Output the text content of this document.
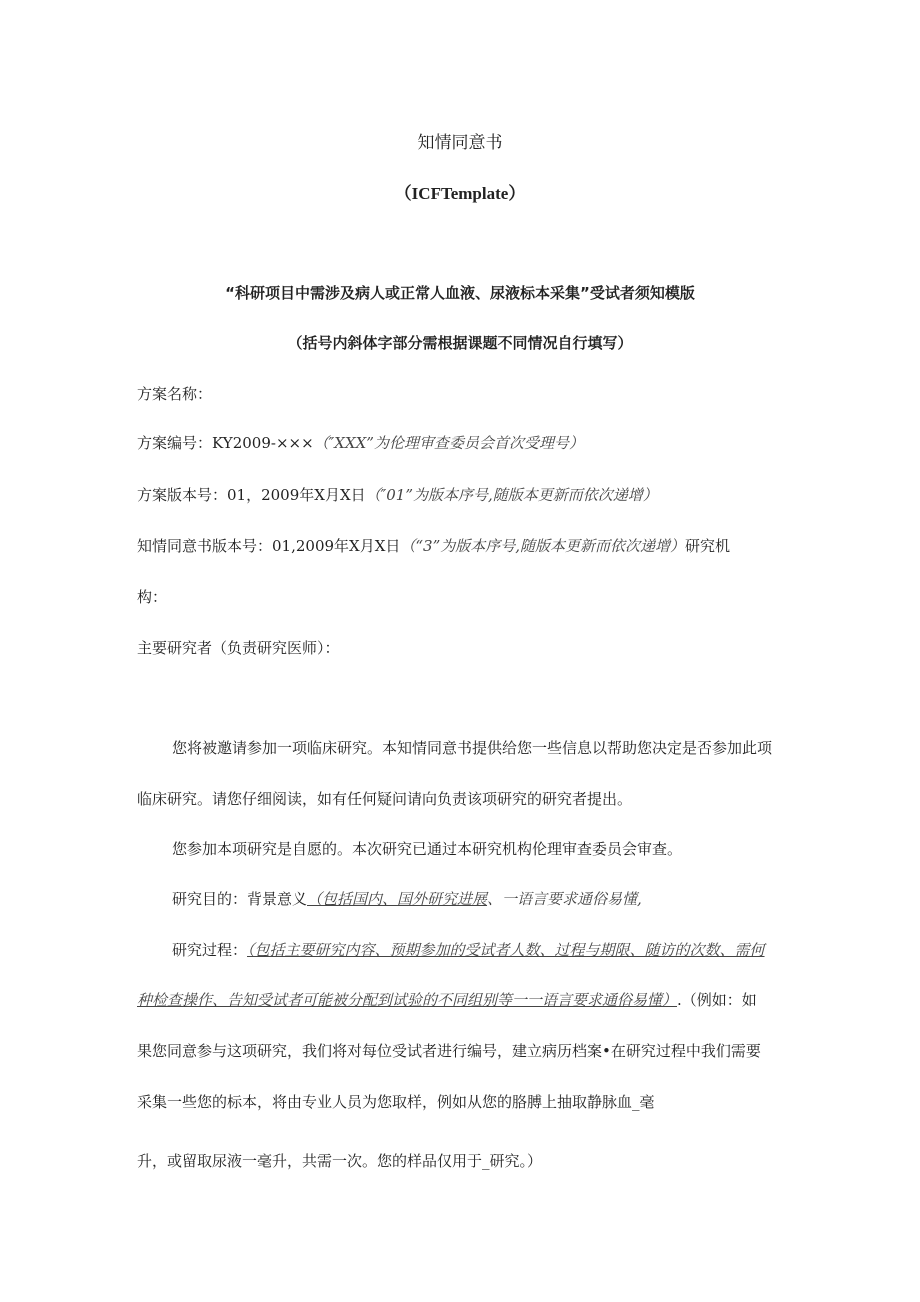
知情同意书
（ICFTemplate）
“科研项目中需涉及病人或正常人血液、尿液标本采集”受试者须知模版
（括号内斜体字部分需根据课题不同情况自行填写）
方案名称：
方案编号：KY2009-×××（″XXX”为伦理审查委员会首次受理号）
方案版本号：01，2009年X月X日（″01”为版本序号,随版本更新而依次递增）
知情同意书版本号：01,2009年X月X日（“3”为版本序号,随版本更新而依次递增）研究机
构：
主要研究者（负责研究医师）：
您将被邀请参加一项临床研究。本知情同意书提供给您一些信息以帮助您决定是否参加此项
临床研究。请您仔细阅读，如有任何疑问请向负责该项研究的研究者提出。
您参加本项研究是自愿的。本次研究已通过本研究机构伦理审查委员会审查。
研究目的：背景意义（包括国内、国外研究进展、一语言要求通俗易懂,
研究过程：（包括主要研究内容、预期参加的受试者人数、过程与期限、随访的次数、需何
种检查操作、告知受试者可能被分配到试验的不同组别等一一语言要求通俗易懂）.（例如：如
果您同意参与这项研究，我们将对每位受试者进行编号，建立病历档案•在研究过程中我们需要
采集一些您的标本，将由专业人员为您取样，例如从您的胳膊上抽取静脉血_毫
升，或留取尿液一毫升，共需一次。您的样品仅用于_研究。）
